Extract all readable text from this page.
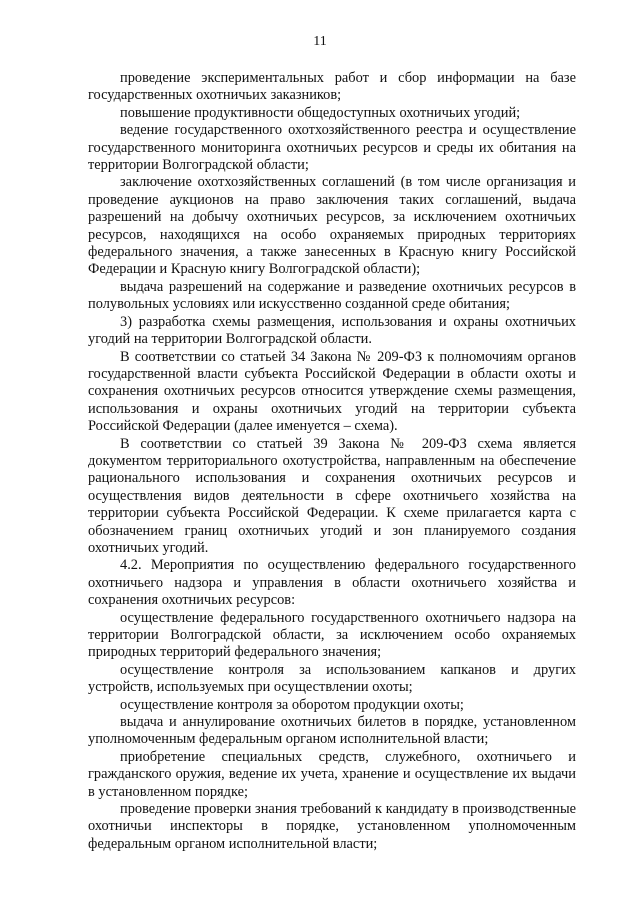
11

проведение экспериментальных работ и сбор информации на базе государственных охотничьих заказников;

повышение продуктивности общедоступных охотничьих угодий;

ведение государственного охотхозяйственного реестра и осуществление государственного мониторинга охотничьих ресурсов и среды их обитания на территории Волгоградской области;

заключение охотхозяйственных соглашений (в том числе организация и проведение аукционов на право заключения таких соглашений, выдача разрешений на добычу охотничьих ресурсов, за исключением охотничьих ресурсов, находящихся на особо охраняемых природных территориях федерального значения, а также занесенных в Красную книгу Российской Федерации и Красную книгу Волгоградской области);

выдача разрешений на содержание и разведение охотничьих ресурсов в полувольных условиях или искусственно созданной среде обитания;

3) разработка схемы размещения, использования и охраны охотничьих угодий на территории Волгоградской области.

В соответствии со статьей 34 Закона № 209-ФЗ к полномочиям органов государственной власти субъекта Российской Федерации в области охоты и сохранения охотничьих ресурсов относится утверждение схемы размещения, использования и охраны охотничьих угодий на территории субъекта Российской Федерации (далее именуется – схема).

В соответствии со статьей 39 Закона № 209-ФЗ схема является документом территориального охотустройства, направленным на обеспечение рационального использования и сохранения охотничьих ресурсов и осуществления видов деятельности в сфере охотничьего хозяйства на территории субъекта Российской Федерации. К схеме прилагается карта с обозначением границ охотничьих угодий и зон планируемого создания охотничьих угодий.

4.2. Мероприятия по осуществлению федерального государственного охотничьего надзора и управления в области охотничьего хозяйства и сохранения охотничьих ресурсов:

осуществление федерального государственного охотничьего надзора на территории Волгоградской области, за исключением особо охраняемых природных территорий федерального значения;

осуществление контроля за использованием капканов и других устройств, используемых при осуществлении охоты;

осуществление контроля за оборотом продукции охоты;

выдача и аннулирование охотничьих билетов в порядке, установленном уполномоченным федеральным органом исполнительной власти;

приобретение специальных средств, служебного, охотничьего и гражданского оружия, ведение их учета, хранение и осуществление их выдачи в установленном порядке;

проведение проверки знания требований к кандидату в производственные охотничьи инспекторы в порядке, установленном уполномоченным федеральным органом исполнительной власти;
